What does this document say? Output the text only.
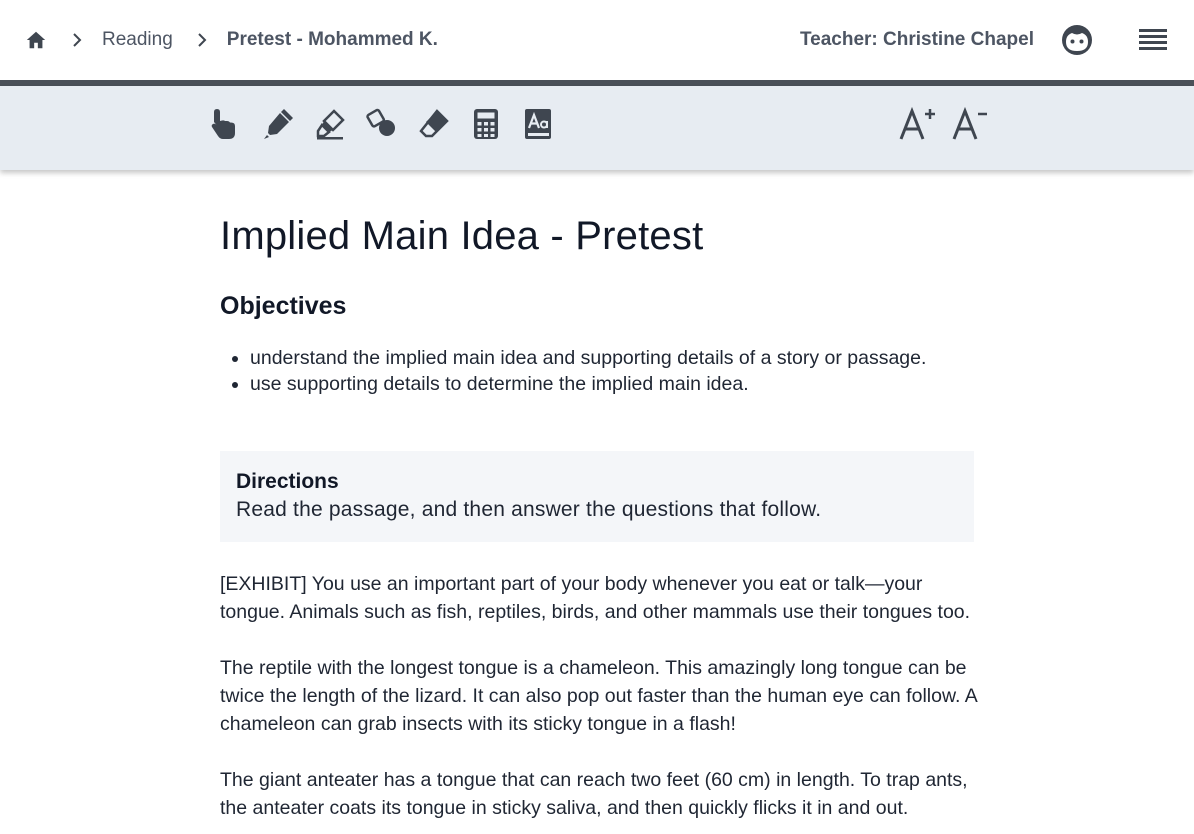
Reading	Pretest - Mohammed K.	Teacher: Christine Chapel
Implied Main Idea - Pretest
Objectives
• understand the implied main idea and supporting details of a story or passage.
• use supporting details to determine the implied main idea.
Directions
Read the passage, and then answer the questions that follow.

[EXHIBIT] You use an important part of your body whenever you eat or talk—your tongue. Animals such as fish, reptiles, birds, and other mammals use their tongues too.

The reptile with the longest tongue is a chameleon. This amazingly long tongue can be twice the length of the lizard. It can also pop out faster than the human eye can follow. A chameleon can grab insects with its sticky tongue in a flash!

The giant anteater has a tongue that can reach two feet (60 cm) in length. To trap ants, the anteater coats its tongue in sticky saliva, and then quickly flicks it in and out.
